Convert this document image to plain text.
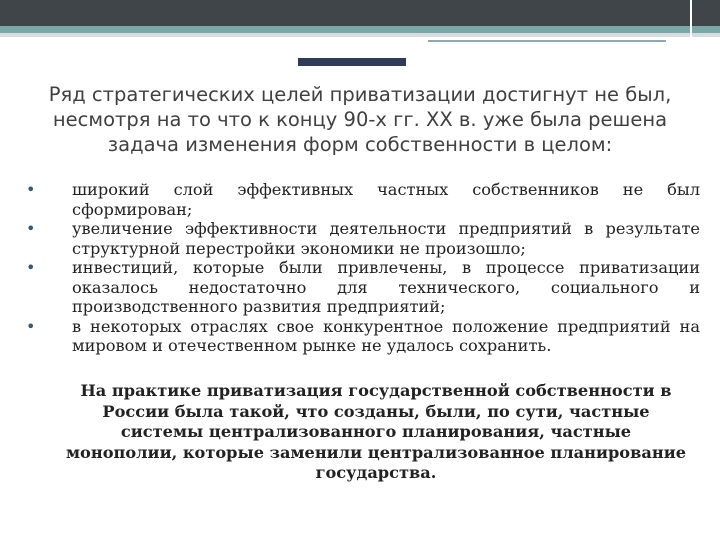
Ряд стратегических целей приватизации достигнут не был, несмотря на то что к концу 90-х гг. XX в. уже была решена задача изменения форм собственности в целом:
• широкий слой эффективных частных собственников не был сформирован;
• увеличение эффективности деятельности предприятий в результате структурной перестройки экономики не произошло;
• инвестиций, которые были привлечены, в процессе приватизации оказалось недостаточно для технического, социального и производственного развития предприятий;
• в некоторых отраслях свое конкурентное положение предприятий на мировом и отечественном рынке не удалось сохранить.
На практике приватизация государственной собственности в России была такой, что созданы, были, по сути, частные системы централизованного планирования, частные монополии, которые заменили централизованное планирование государства.
